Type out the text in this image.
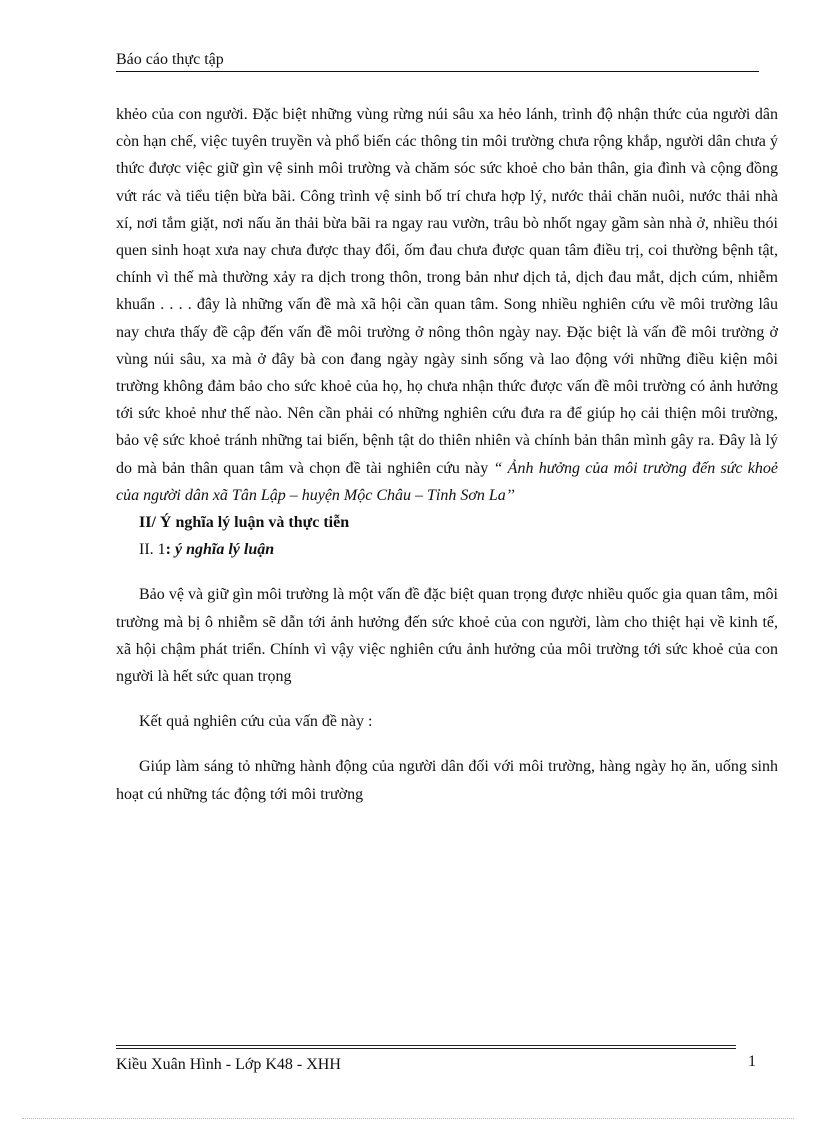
Báo cáo thực tập

khẻo của con người. Đặc biệt những vùng rừng núi sâu xa hẻo lánh, trình độ nhận thức của người dân còn hạn chế, việc tuyên truyền và phổ biến các thông tin môi trường chưa rộng khắp, người dân chưa ý thức được việc giữ gìn vệ sinh môi trường và chăm sóc sức khoẻ cho bản thân, gia đình và cộng đồng vứt rác và tiểu tiện bừa bãi. Công trình vệ sinh bố trí chưa hợp lý, nước thải chăn nuôi, nước thải nhà xí, nơi tắm giặt, nơi nấu ăn thải bừa bãi ra ngay rau vườn, trâu bò nhốt ngay gầm sàn nhà ở, nhiều thói quen sinh hoạt xưa nay chưa được thay đổi, ốm đau chưa được quan tâm điều trị, coi thường bệnh tật, chính vì thế mà thường xảy ra dịch trong thôn, trong bản như dịch tả, dịch đau mắt, dịch cúm, nhiễm khuẩn . . . . đây là những vấn đề mà xã hội cần quan tâm. Song nhiều nghiên cứu về môi trường lâu nay chưa thấy đề cập đến vấn đề môi trường ở nông thôn ngày nay. Đặc biệt là vấn đề môi trường ở vùng núi sâu, xa mà ở đây bà con đang ngày ngày sinh sống và lao động với những điều kiện môi trường không đảm bảo cho sức khoẻ của họ, họ chưa nhận thức được vấn đề môi trường có ảnh hưởng tới sức khoẻ như thế nào. Nên cần phải có những nghiên cứu đưa ra để giúp họ cải thiện môi trường, bảo vệ sức khoẻ tránh những tai biến, bệnh tật do thiên nhiên và chính bản thân mình gây ra. Đây là lý do mà bản thân quan tâm và chọn đề tài nghiên cứu này “ Ảnh hưởng của môi trường đến sức khoẻ của người dân xã Tân Lập – huyện Mộc Châu – Tỉnh Sơn La’’

II/ Ý nghĩa lý luận và thực tiễn

II. 1: ý nghĩa lý luận

Bảo vệ và giữ gìn môi trường là một vấn đề đặc biệt quan trọng được nhiều quốc gia quan tâm, môi trường mà bị ô nhiễm sẽ dẫn tới ảnh hưởng đến sức khoẻ của con người, làm cho thiệt hại về kinh tế, xã hội chậm phát triển. Chính vì vậy việc nghiên cứu ảnh hưởng của môi trường tới sức khoẻ của con người là hết sức quan trọng

Kết quả nghiên cứu của vấn đề này :

Giúp làm sáng tỏ những hành động của người dân đối với môi trường, hàng ngày họ ăn, uống sinh hoạt cú những tác động tới môi trường

Kiều Xuân Hình - Lớp K48 - XHH	1
